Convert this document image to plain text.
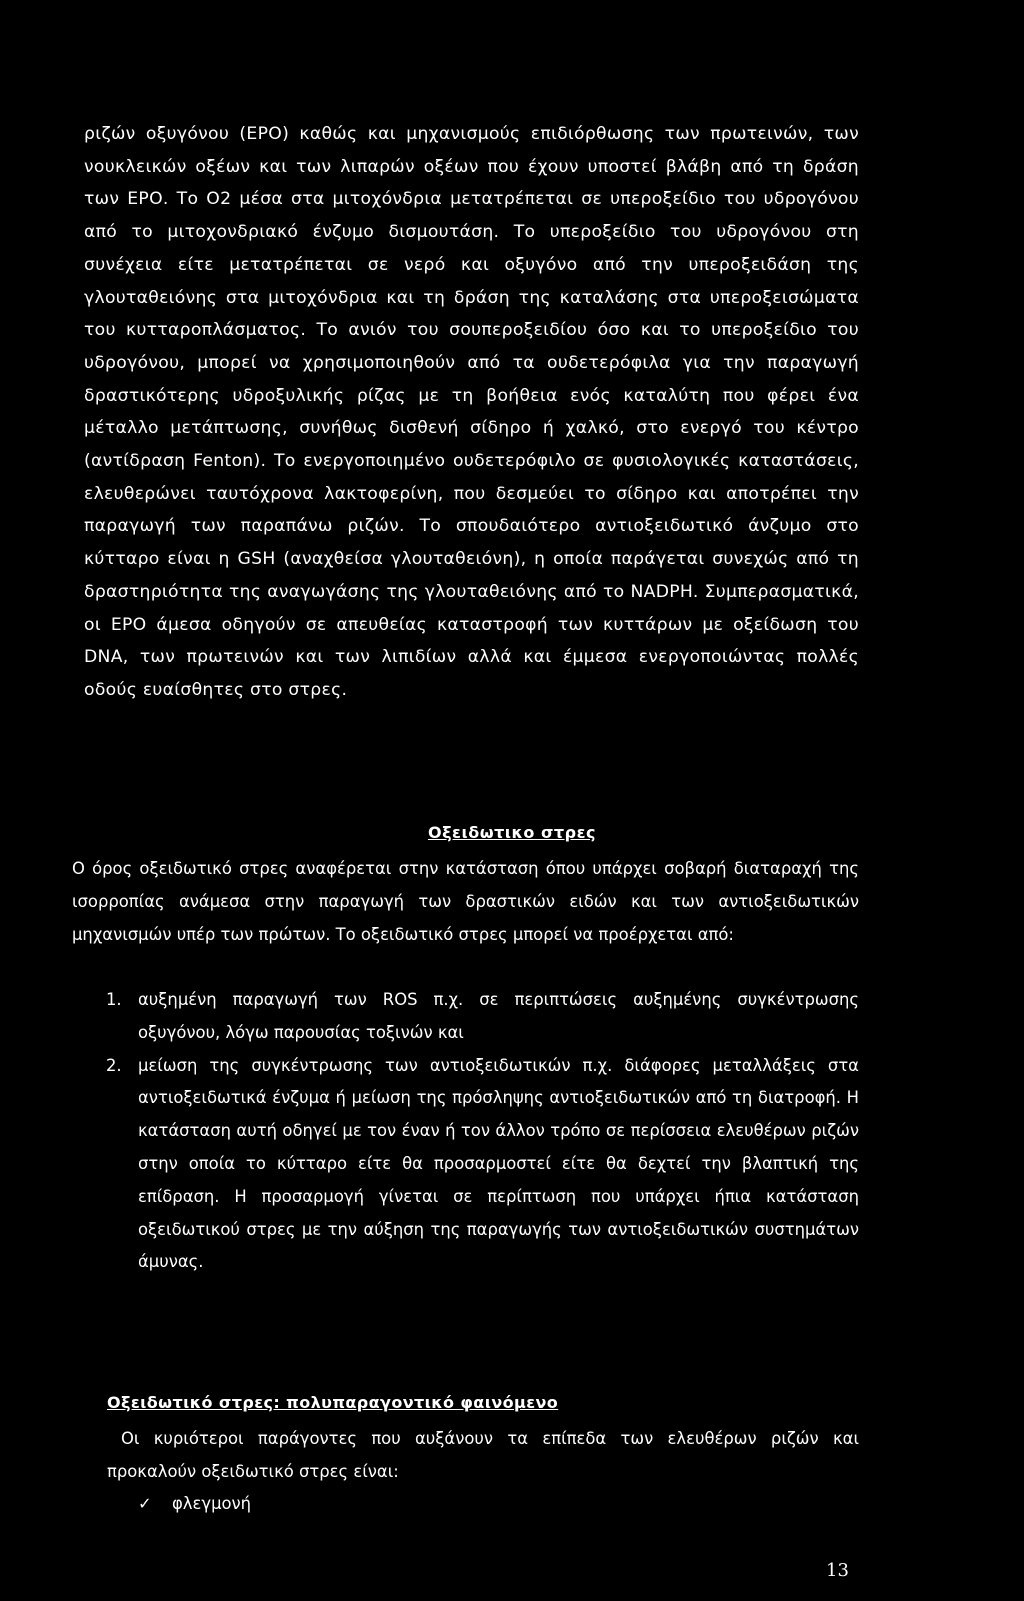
ριζών οξυγόνου (ΕΡΟ) καθώς και μηχανισμούς επιδιόρθωσης των πρωτεινών, των νουκλεικών οξέων και των λιπαρών οξέων που έχουν υποστεί βλάβη από τη δράση των ΕΡΟ. Το Ο2 μέσα στα μιτοχόνδρια μετατρέπεται σε υπεροξείδιο του υδρογόνου από το μιτοχονδριακό ένζυμο δισμουτάση. Το υπεροξείδιο του υδρογόνου στη συνέχεια είτε μετατρέπεται σε νερό και οξυγόνο από την υπεροξειδάση της γλουταθειόνης στα μιτοχόνδρια και τη δράση της καταλάσης στα υπεροξεισώματα του κυτταροπλάσματος. Το ανιόν του σουπεροξειδίου όσο και το υπεροξείδιο του υδρογόνου, μπορεί να χρησιμοποιηθούν από τα ουδετερόφιλα για την παραγωγή δραστικότερης υδροξυλικής ρίζας με τη βοήθεια ενός καταλύτη που φέρει ένα μέταλλο μετάπτωσης, συνήθως δισθενή σίδηρο ή χαλκό, στο ενεργό του κέντρο (αντίδραση Fenton). Το ενεργοποιημένο ουδετερόφιλο σε φυσιολογικές καταστάσεις, ελευθερώνει ταυτόχρονα λακτοφερίνη, που δεσμεύει το σίδηρο και αποτρέπει την παραγωγή των παραπάνω ριζών. Το σπουδαιότερο αντιοξειδωτικό άνζυμο στο κύτταρο είναι η GSH (αναχθείσα γλουταθειόνη), η οποία παράγεται συνεχώς από τη δραστηριότητα της αναγωγάσης της γλουταθειόνης από το NADPH. Συμπερασματικά, οι ΕΡΟ άμεσα οδηγούν σε απευθείας καταστροφή των κυττάρων με οξείδωση του DNA, των πρωτεινών και των λιπιδίων αλλά και έμμεσα ενεργοποιώντας πολλές οδούς ευαίσθητες στο στρες.
Οξειδωτικο στρες
Ο όρος οξειδωτικό στρες αναφέρεται στην κατάσταση όπου υπάρχει σοβαρή διαταραχή της ισορροπίας ανάμεσα στην παραγωγή των δραστικών ειδών και των αντιοξειδωτικών μηχανισμών υπέρ των πρώτων. Το οξειδωτικό στρες μπορεί να προέρχεται από:
1. αυξημένη παραγωγή των ROS π.χ. σε περιπτώσεις αυξημένης συγκέντρωσης οξυγόνου, λόγω παρουσίας τοξινών και
2. μείωση της συγκέντρωσης των αντιοξειδωτικών π.χ. διάφορες μεταλλάξεις στα αντιοξειδωτικά ένζυμα ή μείωση της πρόσληψης αντιοξειδωτικών από τη διατροφή. Η κατάσταση αυτή οδηγεί με τον έναν ή τον άλλον τρόπο σε περίσσεια ελευθέρων ριζών στην οποία το κύτταρο είτε θα προσαρμοστεί είτε θα δεχτεί την βλαπτική της επίδραση. Η προσαρμογή γίνεται σε περίπτωση που υπάρχει ήπια κατάσταση οξειδωτικού στρες με την αύξηση της παραγωγής των αντιοξειδωτικών συστημάτων άμυνας.
Οξειδωτικό στρες: πολυπαραγοντικό φαινόμενο
Οι κυριότεροι παράγοντες που αυξάνουν τα επίπεδα των ελευθέρων ριζών και προκαλούν οξειδωτικό στρες είναι:
✓ φλεγμονή
13
